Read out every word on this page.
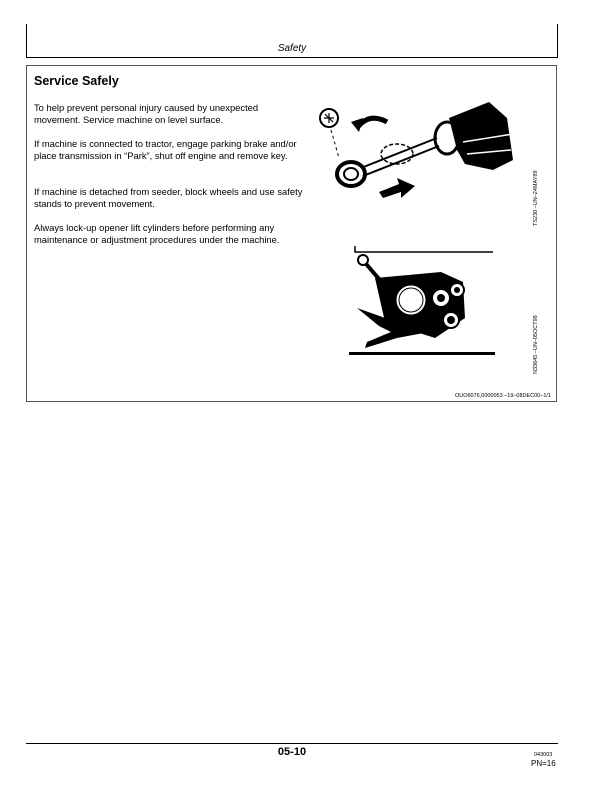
Safety
Service Safely

To help prevent personal injury caused by unexpected movement. Service machine on level surface.

If machine is connected to tractor, engage parking brake and/or place transmission in “Park”, shut off engine and remove key.

If machine is detached from seeder, block wheels and use safety stands to prevent movement.

Always lock-up opener lift cylinders before performing any maintenance or adjustment procedures under the machine.

TS230 –UN–24MAY89
N33645 –UN–05OCT98
OUO6076,0000053 –19–08DEC00–1/1
05-10	043003
PN=16
